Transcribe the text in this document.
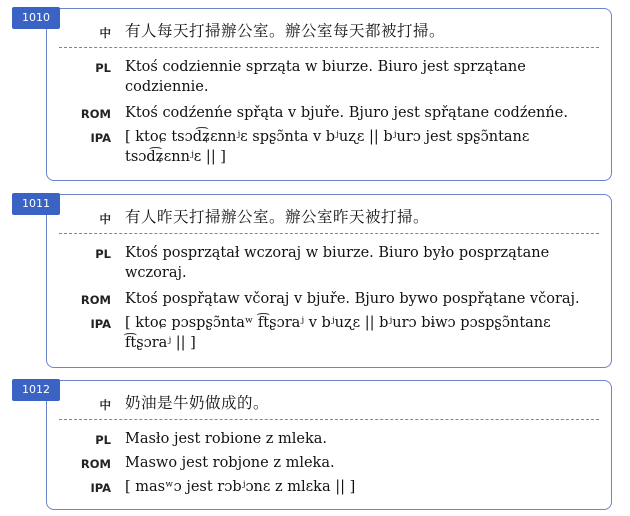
中 有人每天打掃辦公室。辦公室每天都被打掃。
PL Ktoś codziennie sprząta w biurze. Biuro jest sprzątane codziennie.
ROM Ktoś codźenńe spřąta v bjuře. Bjuro jest spřątane codźenńe.
IPA [ ktoɕ tsɔd͡ʑɛnnʲɛ spʂɔ̃nta v bʲuʐɛ || bʲurɔ jest spʂɔ̃ntanɛ tsɔd͡ʑɛnnʲɛ || ]
1010
中 有人昨天打掃辦公室。辦公室昨天被打掃。
PL Ktoś posprzątał wczoraj w biurze. Biuro było posprzątane wczoraj.
ROM Ktoś pospřątaw včoraj v bjuře. Bjuro bywo pospřątane včoraj.
IPA [ ktoɕ pɔspʂɔ̃ntaʷ f͡tʂɔraʲ v bʲuʐɛ || bʲurɔ bɨwɔ pɔspʂɔ̃ntanɛ f͡tʂɔraʲ || ]
1011
中 奶油是牛奶做成的。
PL Masło jest robione z mleka.
ROM Maswo jest robjone z mleka.
IPA [ masʷɔ jest rɔbʲɔnɛ z mlɛka || ]
1012
